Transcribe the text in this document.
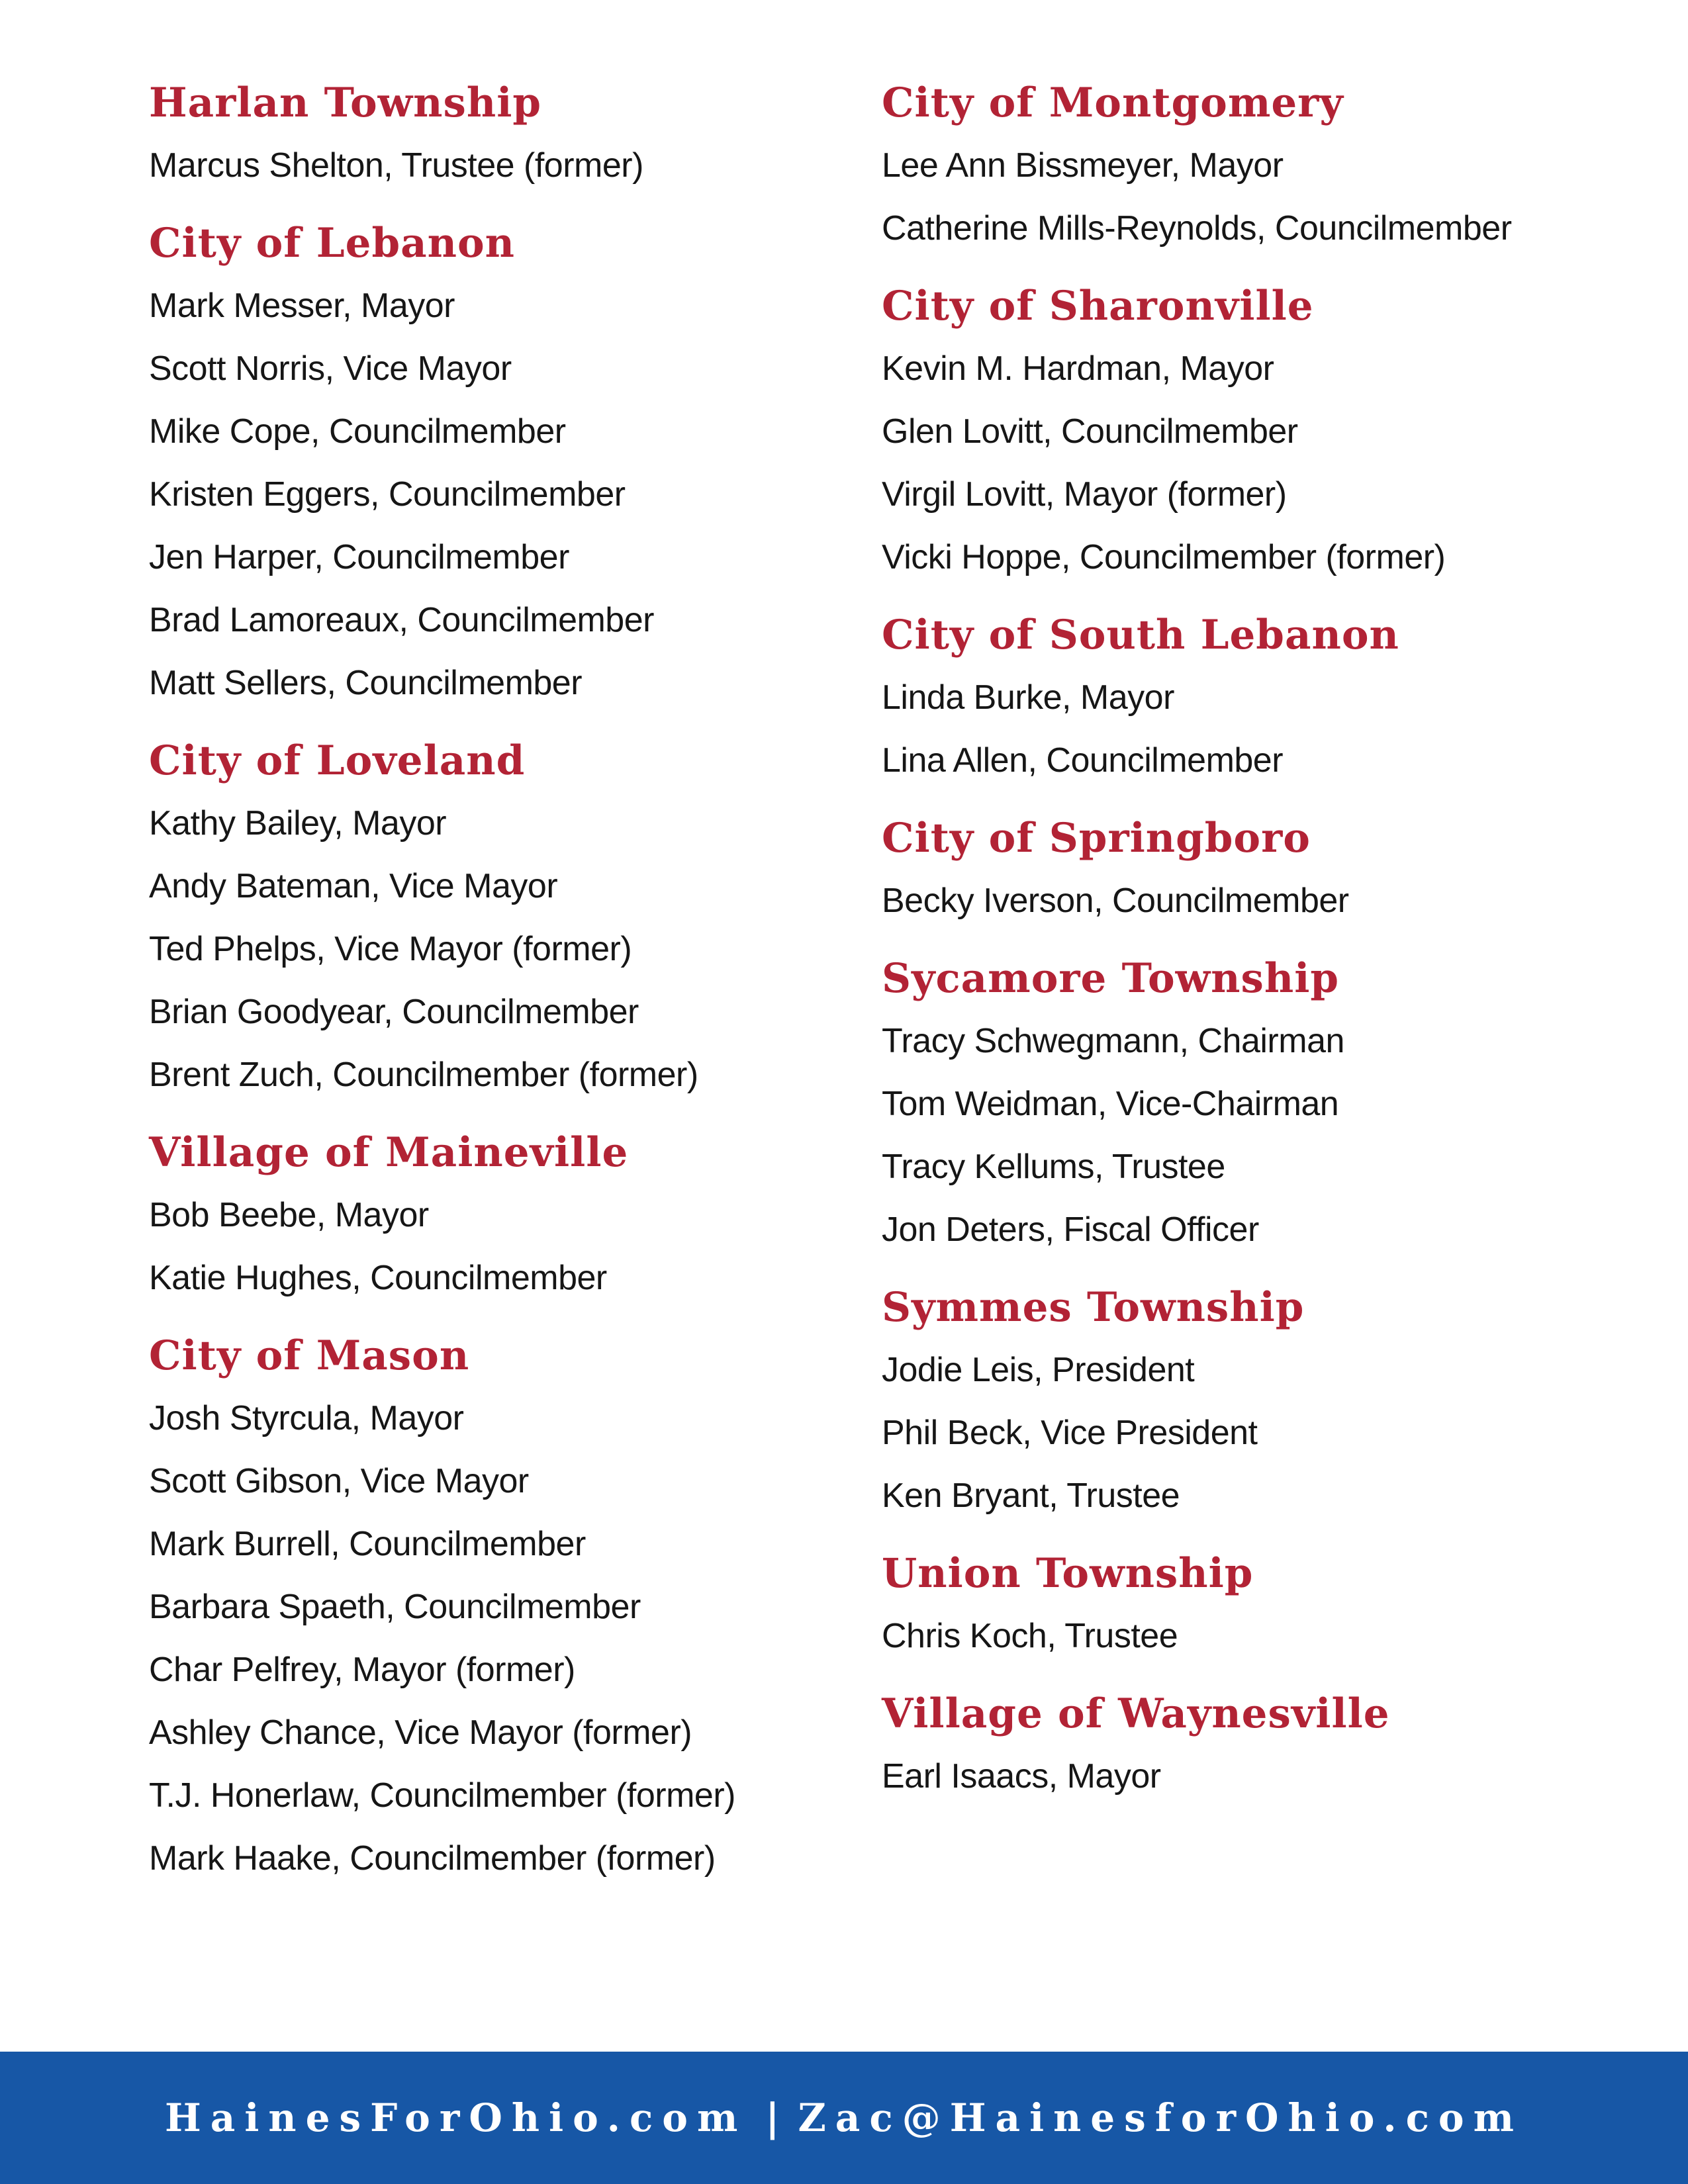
Harlan Township
Marcus Shelton, Trustee (former)
City of Lebanon
Mark Messer, Mayor
Scott Norris, Vice Mayor
Mike Cope, Councilmember
Kristen Eggers, Councilmember
Jen Harper, Councilmember
Brad Lamoreaux, Councilmember
Matt Sellers, Councilmember
City of Loveland
Kathy Bailey, Mayor
Andy Bateman, Vice Mayor
Ted Phelps, Vice Mayor (former)
Brian Goodyear, Councilmember
Brent Zuch, Councilmember (former)
Village of Maineville
Bob Beebe, Mayor
Katie Hughes, Councilmember
City of Mason
Josh Styrcula, Mayor
Scott Gibson, Vice Mayor
Mark Burrell, Councilmember
Barbara Spaeth, Councilmember
Char Pelfrey, Mayor (former)
Ashley Chance, Vice Mayor (former)
T.J. Honerlaw, Councilmember (former)
Mark Haake, Councilmember (former)
City of Montgomery
Lee Ann Bissmeyer, Mayor
Catherine Mills-Reynolds, Councilmember
City of Sharonville
Kevin M. Hardman, Mayor
Glen Lovitt, Councilmember
Virgil Lovitt, Mayor (former)
Vicki Hoppe, Councilmember (former)
City of South Lebanon
Linda Burke, Mayor
Lina Allen, Councilmember
City of Springboro
Becky Iverson, Councilmember
Sycamore Township
Tracy Schwegmann, Chairman
Tom Weidman, Vice-Chairman
Tracy Kellums, Trustee
Jon Deters, Fiscal Officer
Symmes Township
Jodie Leis, President
Phil Beck, Vice President
Ken Bryant, Trustee
Union Township
Chris Koch, Trustee
Village of Waynesville
Earl Isaacs, Mayor
HainesForOhio.com | Zac@HainesforOhio.com
